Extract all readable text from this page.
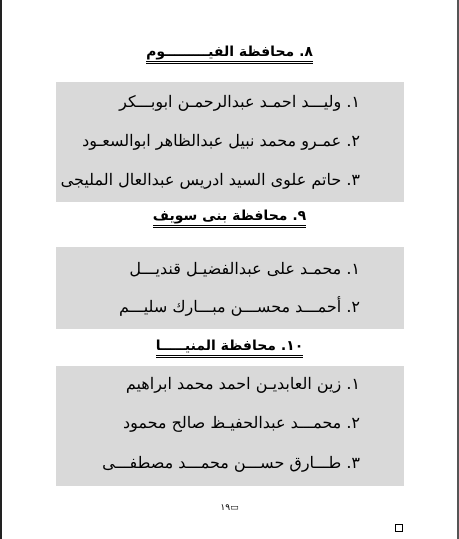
٨. محافظة الفيـــــــــوم
١. وليـــد احمـد عبدالرحمـن ابوبـــكر
٢. عمـرو محمد نبيل عبدالظاهر ابوالسعـود
٣. حاتم علوى السيد ادريس عبدالعال المليجى
٩. محافظة بنى سويف
١. محمـد على عبدالفضيـل قنديـــل
٢. أحمـــد محســـن مبـــارك سليـــم
١٠. محافظة المنيـــــا
١. زين العابديـن احمد محمد ابراهيم
٢. محمـــد عبدالحفيـظ صالح محمود
٣. طـــارق حســـن محمـــد مصطفـــى
▭١٩
